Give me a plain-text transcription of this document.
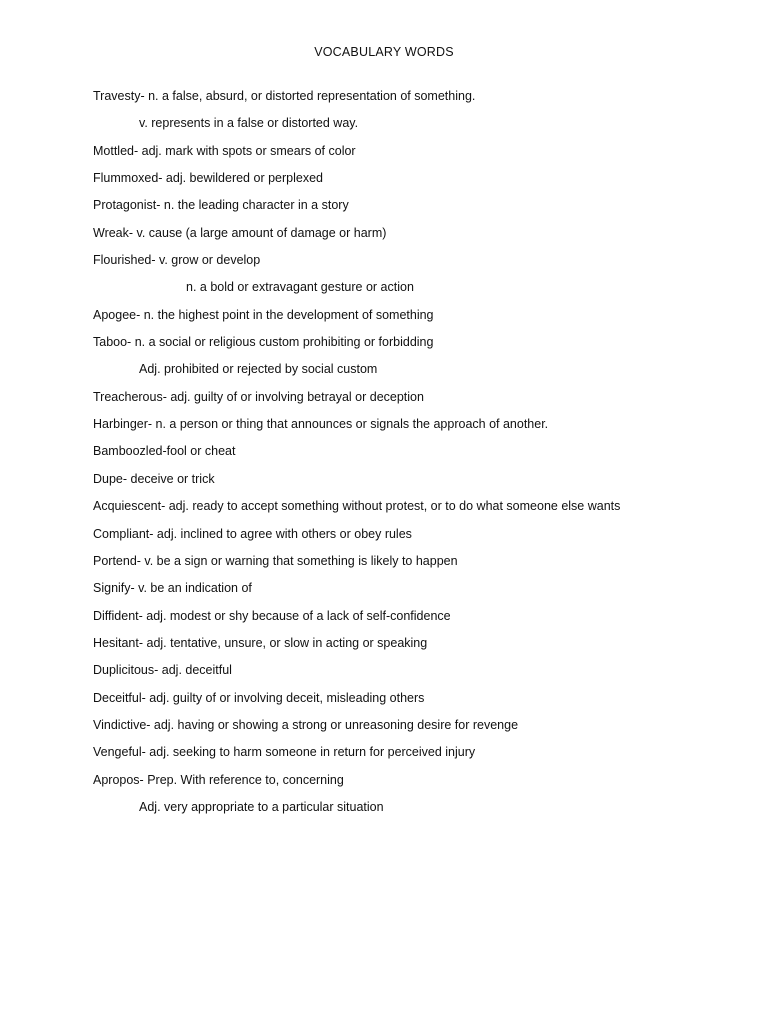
VOCABULARY WORDS
Travesty- n. a false, absurd, or distorted representation of something.
v. represents in a false or distorted way.
Mottled- adj. mark with spots or smears of color
Flummoxed- adj. bewildered or perplexed
Protagonist- n. the leading character in a story
Wreak- v. cause (a large amount of damage or harm)
Flourished- v. grow or develop
n. a bold or extravagant gesture or action
Apogee- n. the highest point in the development of something
Taboo- n. a social or religious custom prohibiting or forbidding
Adj. prohibited or rejected by social custom
Treacherous- adj. guilty of or involving betrayal or deception
Harbinger- n. a person or thing that announces or signals the approach of another.
Bamboozled-fool or cheat
Dupe- deceive or trick
Acquiescent- adj. ready to accept something without protest, or to do what someone else wants
Compliant- adj. inclined to agree with others or obey rules
Portend- v. be a sign or warning that something is likely to happen
Signify- v. be an indication of
Diffident- adj. modest or shy because of a lack of self-confidence
Hesitant- adj. tentative, unsure, or slow in acting or speaking
Duplicitous- adj. deceitful
Deceitful- adj. guilty of or involving deceit, misleading others
Vindictive- adj. having or showing a strong or unreasoning desire for revenge
Vengeful- adj. seeking to harm someone in return for perceived injury
Apropos- Prep. With reference to, concerning
Adj. very appropriate to a particular situation
